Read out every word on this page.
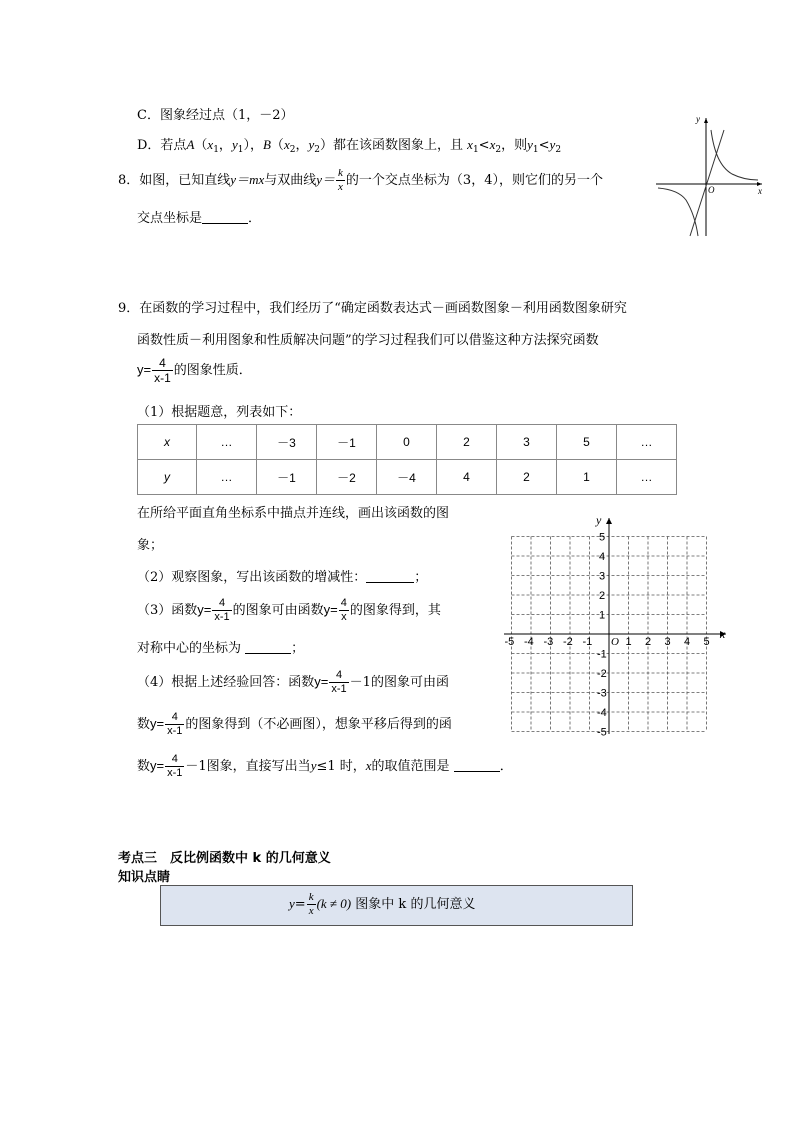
C．图象经过点（1，－2）
D．若点$A(x_1$，$y_1$），$B(x_2$，$y_2$）都在该函数图象上，且 $x_1<x_2$，则$y_1<y_2$
8．如图，已知直线y＝mx与双曲线$y= \frac{k}{x}$ 的一个交点坐标为（3，4），则它们的另一个
交点坐标是	．
y
x
O
9．在函数的学习过程中，我们经历了“确定函数表达式－画函数图象－利用函数图象研究
函数性质－利用图象和性质解决问题”的学习过程我们可以借鉴这种方法探究函数
$y= \frac{4}{x-1}$ 的图象性质．
（1）根据题意，列表如下：
x	…	－3	－1	0	2	3	5	…
y	…	－1	－2	－4	4	2	1	…
在所给平面直角坐标系中描点并连线，画出该函数的图
象；
（2）观察图象，写出该函数的增减性：	；
（3）函数$y= \frac{4}{x-1}$ 的图象可由函数$y= \frac{4}{x}$ 的图象得到，其
对称中心的坐标为	；
（4）根据上述经验回答：函数$y= \frac{4}{x-1} -1$的图象可由函
数$y= \frac{4}{x-1}$ 的图象得到（不必画图），想象平移后得到的函
数$y= \frac{4}{x-1} -1$图象，直接写出当y≤1 时，x的取值范围是	．
y
x
O
-5 -4 -3 -2 -1	1 2 3 4 5
5
4
3
2
1
-1
-2
-3
-4
-5
考点三　反比例函数中 k 的几何意义
知识点睛
$y= \frac{k}{x} (k \ne 0)$ 图象中 k 的几何意义
